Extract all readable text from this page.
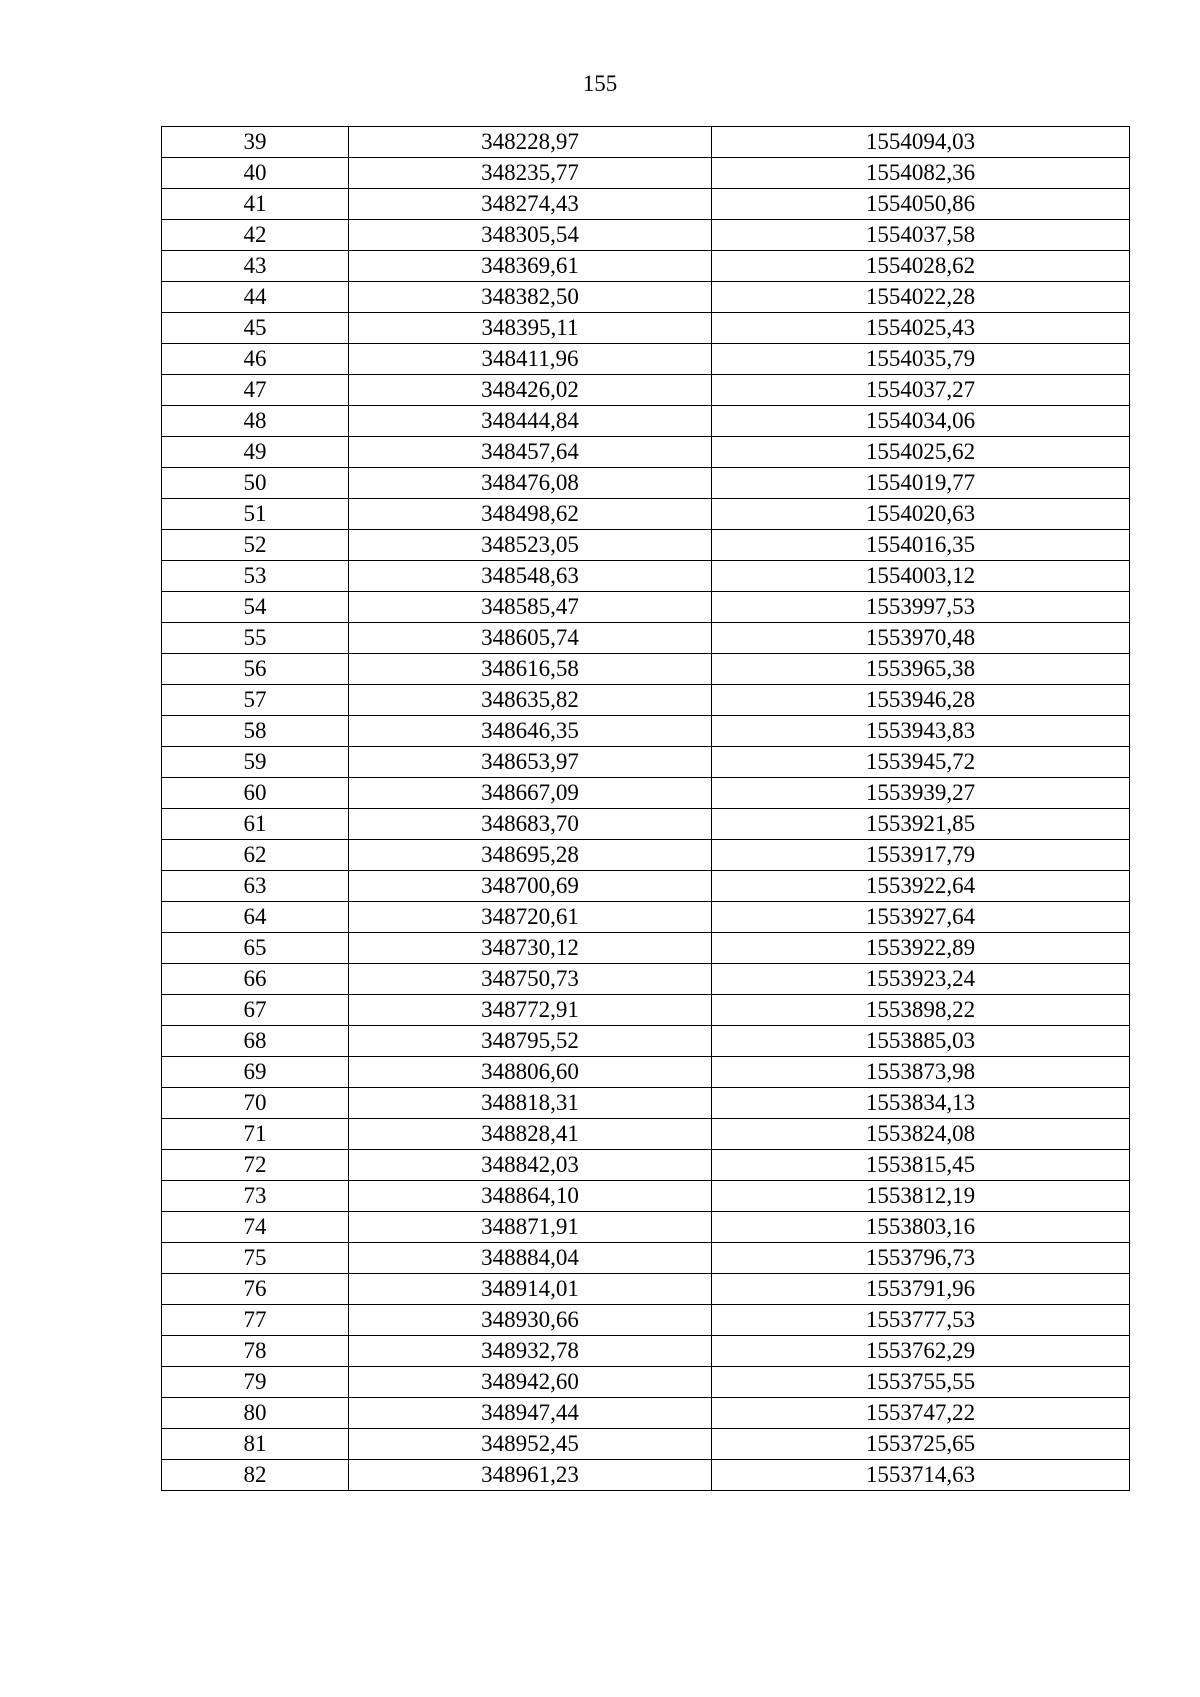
155
39	348228,97	1554094,03
40	348235,77	1554082,36
41	348274,43	1554050,86
42	348305,54	1554037,58
43	348369,61	1554028,62
44	348382,50	1554022,28
45	348395,11	1554025,43
46	348411,96	1554035,79
47	348426,02	1554037,27
48	348444,84	1554034,06
49	348457,64	1554025,62
50	348476,08	1554019,77
51	348498,62	1554020,63
52	348523,05	1554016,35
53	348548,63	1554003,12
54	348585,47	1553997,53
55	348605,74	1553970,48
56	348616,58	1553965,38
57	348635,82	1553946,28
58	348646,35	1553943,83
59	348653,97	1553945,72
60	348667,09	1553939,27
61	348683,70	1553921,85
62	348695,28	1553917,79
63	348700,69	1553922,64
64	348720,61	1553927,64
65	348730,12	1553922,89
66	348750,73	1553923,24
67	348772,91	1553898,22
68	348795,52	1553885,03
69	348806,60	1553873,98
70	348818,31	1553834,13
71	348828,41	1553824,08
72	348842,03	1553815,45
73	348864,10	1553812,19
74	348871,91	1553803,16
75	348884,04	1553796,73
76	348914,01	1553791,96
77	348930,66	1553777,53
78	348932,78	1553762,29
79	348942,60	1553755,55
80	348947,44	1553747,22
81	348952,45	1553725,65
82	348961,23	1553714,63
